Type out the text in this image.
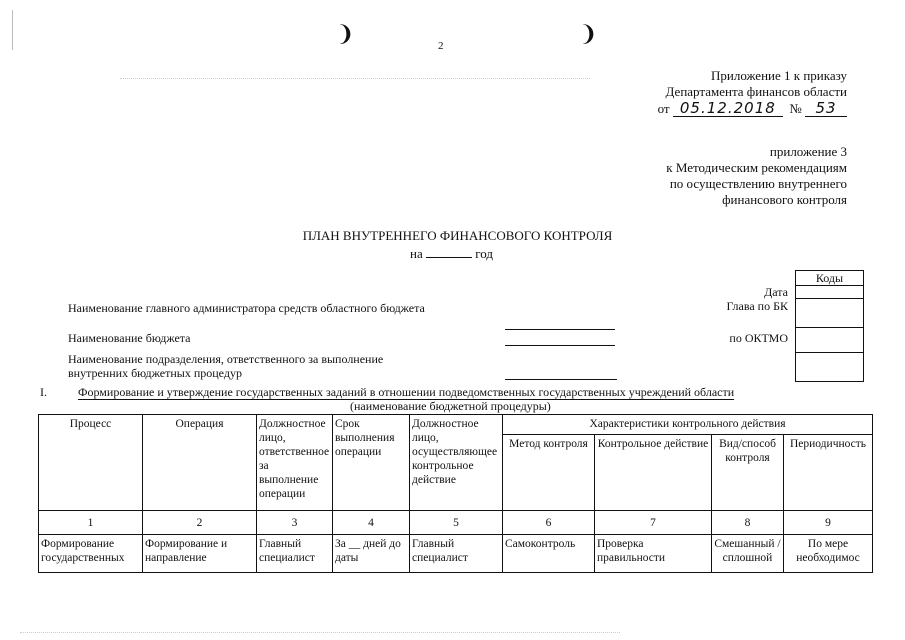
❩	❩
2
Приложение 1 к приказу
Департамента финансов области
от 05.12.2018 № 53
приложение 3
к Методическим рекомендациям
по осуществлению внутреннего
финансового контроля
ПЛАН ВНУТРЕННЕГО ФИНАНСОВОГО КОНТРОЛЯ
на	год
Коды
Дата
Глава по БК
по ОКТМО
Наименование главного администратора средств областного бюджета
Наименование бюджета
Наименование подразделения, ответственного за выполнение
внутренних бюджетных процедур
I.	Формирование и утверждение государственных заданий в отношении подведомственных государственных учреждений области
(наименование бюджетной процедуры)
Процесс	Операция	Должностное лицо, ответственное за выполнение операции	Срок выполнения операции	Должностное лицо, осуществляющее контрольное действие	Характеристики контрольного действия			
					Метод контроля	Контрольное действие	Вид/способ контроля	Периодичность
1	2	3	4	5	6	7	8	9
Формирование государственных	Формирование и направление	Главный специалист	За __ дней до даты	Главный специалист	Самоконтроль	Проверка правильности	Смешанный /сплошной	По мере необходимос
